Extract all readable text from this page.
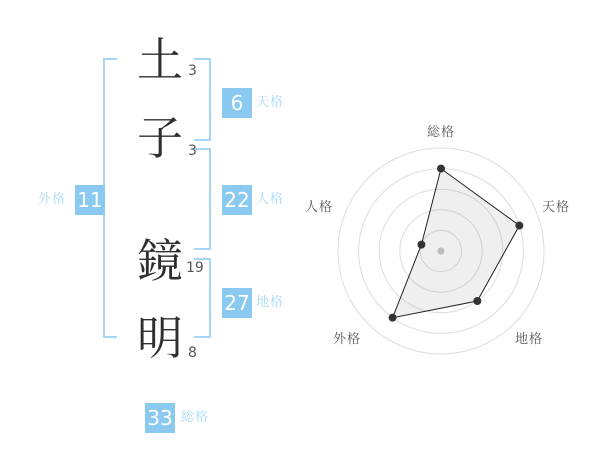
土 3
子 3
鏡 19
明 8
6 天格
22 人格
27 地格
外格 11
33 総格
総格
天格
地格
外格
人格
